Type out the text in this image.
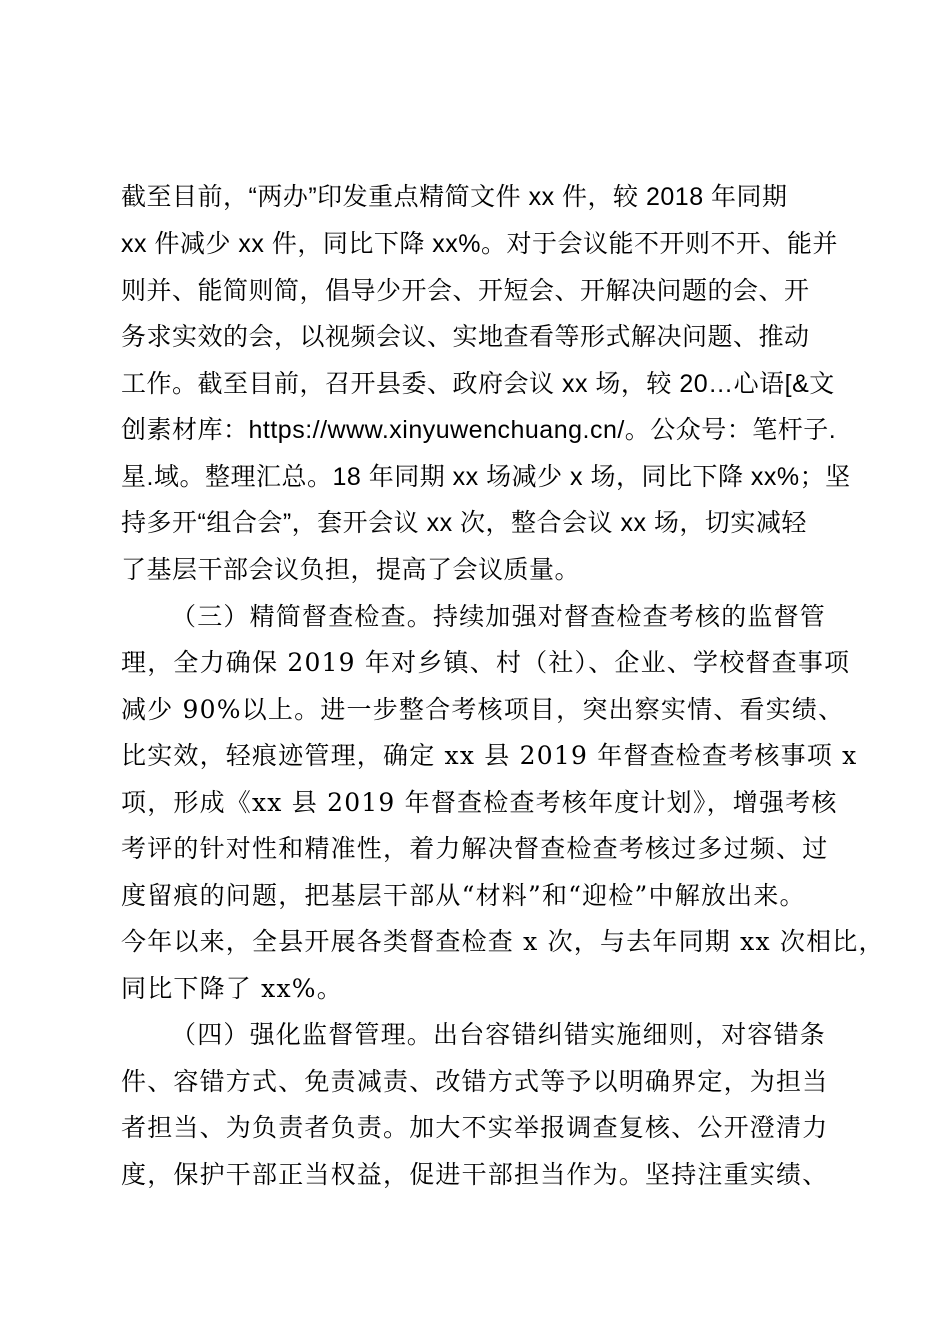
截至目前，“两办”印发重点精简文件 xx 件，较 2018 年同期
xx 件减少 xx 件，同比下降 xx%。对于会议能不开则不开、能并
则并、能简则简，倡导少开会、开短会、开解决问题的会、开
务求实效的会，以视频会议、实地查看等形式解决问题、推动
工作。截至目前，召开县委、政府会议 xx 场，较 20…心语[&文
创素材库：https://www.xinyuwenchuang.cn/。公众号：笔杆子.
星.域。整理汇总。18 年同期 xx 场减少 x 场，同比下降 xx%；坚
持多开“组合会”，套开会议 xx 次，整合会议 xx 场，切实减轻
了基层干部会议负担，提高了会议质量。
（三）精简督查检查。持续加强对督查检查考核的监督管
理，全力确保 2019 年对乡镇、村（社）、企业、学校督查事项
减少 90%以上。进一步整合考核项目，突出察实情、看实绩、
比实效，轻痕迹管理，确定 xx 县 2019 年督查检查考核事项 x
项，形成《xx 县 2019 年督查检查考核年度计划》，增强考核
考评的针对性和精准性，着力解决督查检查考核过多过频、过
度留痕的问题，把基层干部从“材料”和“迎检”中解放出来。
今年以来，全县开展各类督查检查 x 次，与去年同期 xx 次相比，
同比下降了 xx%。
（四）强化监督管理。出台容错纠错实施细则，对容错条
件、容错方式、免责减责、改错方式等予以明确界定，为担当
者担当、为负责者负责。加大不实举报调查复核、公开澄清力
度，保护干部正当权益，促进干部担当作为。坚持注重实绩、
